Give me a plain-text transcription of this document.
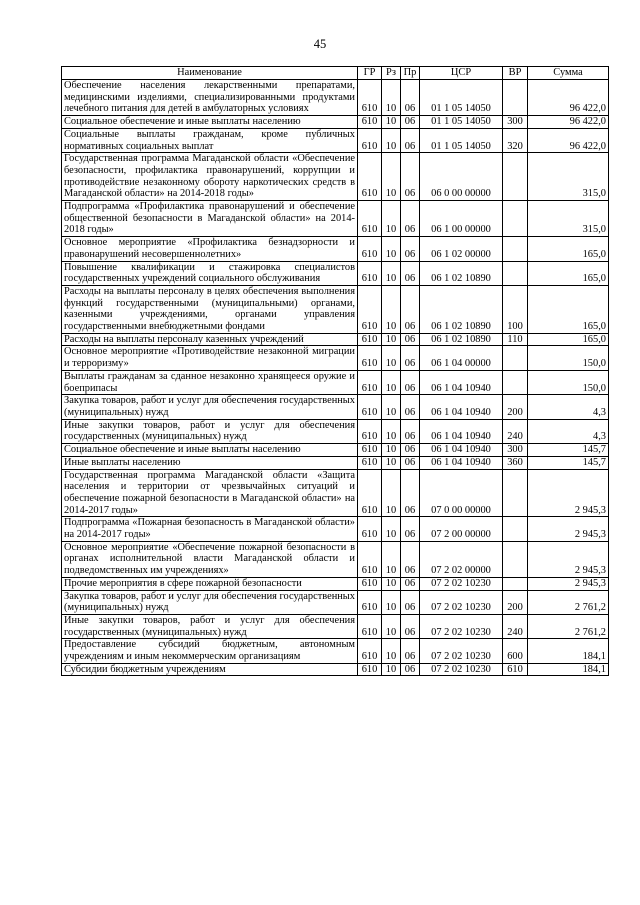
45
Наименование	ГР	Рз	Пр	ЦСР	ВР	Сумма
Обеспечение населения лекарственными препаратами, медицинскими изделиями, специализированными продуктами лечебного питания для детей в амбулаторных условиях	610	10	06	01 1 05 14050		96 422,0
Социальное обеспечение и иные выплаты населению	610	10	06	01 1 05 14050	300	96 422,0
Социальные выплаты гражданам, кроме публичных нормативных социальных выплат	610	10	06	01 1 05 14050	320	96 422,0
Государственная программа Магаданской области «Обеспечение безопасности, профилактика правонарушений, коррупции и противодействие незаконному обороту наркотических средств в Магаданской области» на 2014-2018 годы»	610	10	06	06 0 00 00000		315,0
Подпрограмма «Профилактика правонарушений и обеспечение общественной безопасности в Магаданской области» на 2014-2018 годы»	610	10	06	06 1 00 00000		315,0
Основное мероприятие «Профилактика безнадзорности и правонарушений несовершеннолетних»	610	10	06	06 1 02 00000		165,0
Повышение квалификации и стажировка специалистов государственных учреждений социального обслуживания	610	10	06	06 1 02 10890		165,0
Расходы на выплаты персоналу в целях обеспечения выполнения функций государственными (муниципальными) органами, казенными учреждениями, органами управления государственными внебюджетными фондами	610	10	06	06 1 02 10890	100	165,0
Расходы на выплаты персоналу казенных учреждений	610	10	06	06 1 02 10890	110	165,0
Основное мероприятие «Противодействие незаконной миграции и терроризму»	610	10	06	06 1 04 00000		150,0
Выплаты гражданам за сданное незаконно хранящееся оружие и боеприпасы	610	10	06	06 1 04 10940		150,0
Закупка товаров, работ и услуг для обеспечения государственных (муниципальных) нужд	610	10	06	06 1 04 10940	200	4,3
Иные закупки товаров, работ и услуг для обеспечения государственных (муниципальных) нужд	610	10	06	06 1 04 10940	240	4,3
Социальное обеспечение и иные выплаты населению	610	10	06	06 1 04 10940	300	145,7
Иные выплаты населению	610	10	06	06 1 04 10940	360	145,7
Государственная программа Магаданской области «Защита населения и территории от чрезвычайных ситуаций и обеспечение пожарной безопасности в Магаданской области» на 2014-2017 годы»	610	10	06	07 0 00 00000		2 945,3
Подпрограмма «Пожарная безопасность в Магаданской области» на 2014-2017 годы»	610	10	06	07 2 00 00000		2 945,3
Основное мероприятие «Обеспечение пожарной безопасности в органах исполнительной власти Магаданской области и подведомственных им учреждениях»	610	10	06	07 2 02 00000		2 945,3
Прочие мероприятия в сфере пожарной безопасности	610	10	06	07 2 02 10230		2 945,3
Закупка товаров, работ и услуг для обеспечения государственных (муниципальных) нужд	610	10	06	07 2 02 10230	200	2 761,2
Иные закупки товаров, работ и услуг для обеспечения государственных (муниципальных) нужд	610	10	06	07 2 02 10230	240	2 761,2
Предоставление субсидий бюджетным, автономным учреждениям и иным некоммерческим организациям	610	10	06	07 2 02 10230	600	184,1
Субсидии бюджетным учреждениям	610	10	06	07 2 02 10230	610	184,1
